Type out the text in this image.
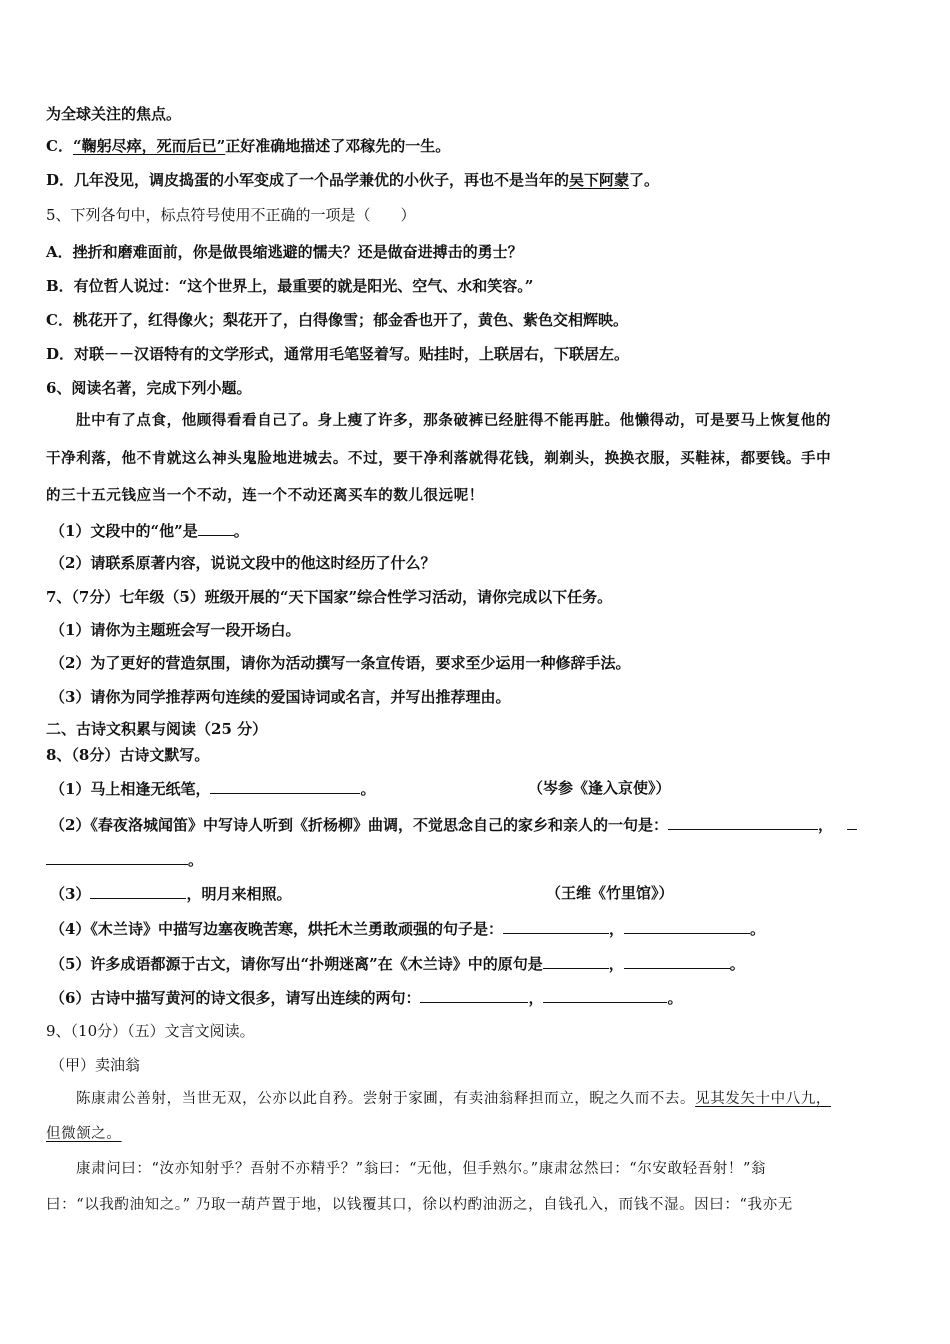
为全球关注的焦点。
C．“鞠躬尽瘁，死而后已”正好准确地描述了邓稼先的一生。
D．几年没见，调皮捣蛋的小军变成了一个品学兼优的小伙子，再也不是当年的吴下阿蒙了。
5、下列各句中，标点符号使用不正确的一项是（　　）
A．挫折和磨难面前，你是做畏缩逃避的懦夫？还是做奋进搏击的勇士？
B．有位哲人说过：“这个世界上，最重要的就是阳光、空气、水和笑容。”
C．桃花开了，红得像火；梨花开了，白得像雪；郁金香也开了，黄色、紫色交相辉映。
D．对联－－汉语特有的文学形式，通常用毛笔竖着写。贴挂时，上联居右，下联居左。
6、阅读名著，完成下列小题。
肚中有了点食，他顾得看看自己了。身上瘦了许多，那条破裤已经脏得不能再脏。他懒得动，可是要马上恢复他的
干净利落，他不肯就这么神头鬼脸地进城去。不过，要干净利落就得花钱，剃剃头，换换衣服，买鞋袜，都要钱。手中
的三十五元钱应当一个不动，连一个不动还离买车的数儿很远呢！
（1）文段中的“他”是 。
（2）请联系原著内容，说说文段中的他这时经历了什么？
7、（7分）七年级（5）班级开展的“天下国家”综合性学习活动，请你完成以下任务。
（1）请你为主题班会写一段开场白。
（2）为了更好的营造氛围，请你为活动撰写一条宣传语，要求至少运用一种修辞手法。
（3）请你为同学推荐两句连续的爱国诗词或名言，并写出推荐理由。
二、古诗文积累与阅读（25 分）
8、（8分）古诗文默写。
（1）马上相逢无纸笔，	。	（岑参《逢入京使》）
（2）《春夜洛城闻笛》中写诗人听到《折杨柳》曲调，不觉思念自己的家乡和亲人的一句是：	，
。
（3）	，明月来相照。	（王维《竹里馆》）
（4）《木兰诗》中描写边塞夜晚苦寒，烘托木兰勇敢顽强的句子是：	，	。
（5）许多成语都源于古文，请你写出“扑朔迷离”在《木兰诗》中的原句是	，	。
（6）古诗中描写黄河的诗文很多，请写出连续的两句：	，	。
9、（10分）（五）文言文阅读。
（甲）卖油翁
陈康肃公善射，当世无双，公亦以此自矜。尝射于家圃，有卖油翁释担而立，睨之久而不去。见其发矢十中八九，
但微颔之。
康肃问曰：“汝亦知射乎？吾射不亦精乎？”翁曰：“无他，但手熟尔。”康肃忿然曰：“尔安敢轻吾射！”翁
曰：“以我酌油知之。” 乃取一葫芦置于地，以钱覆其口，徐以杓酌油沥之，自钱孔入，而钱不湿。因曰：“我亦无
